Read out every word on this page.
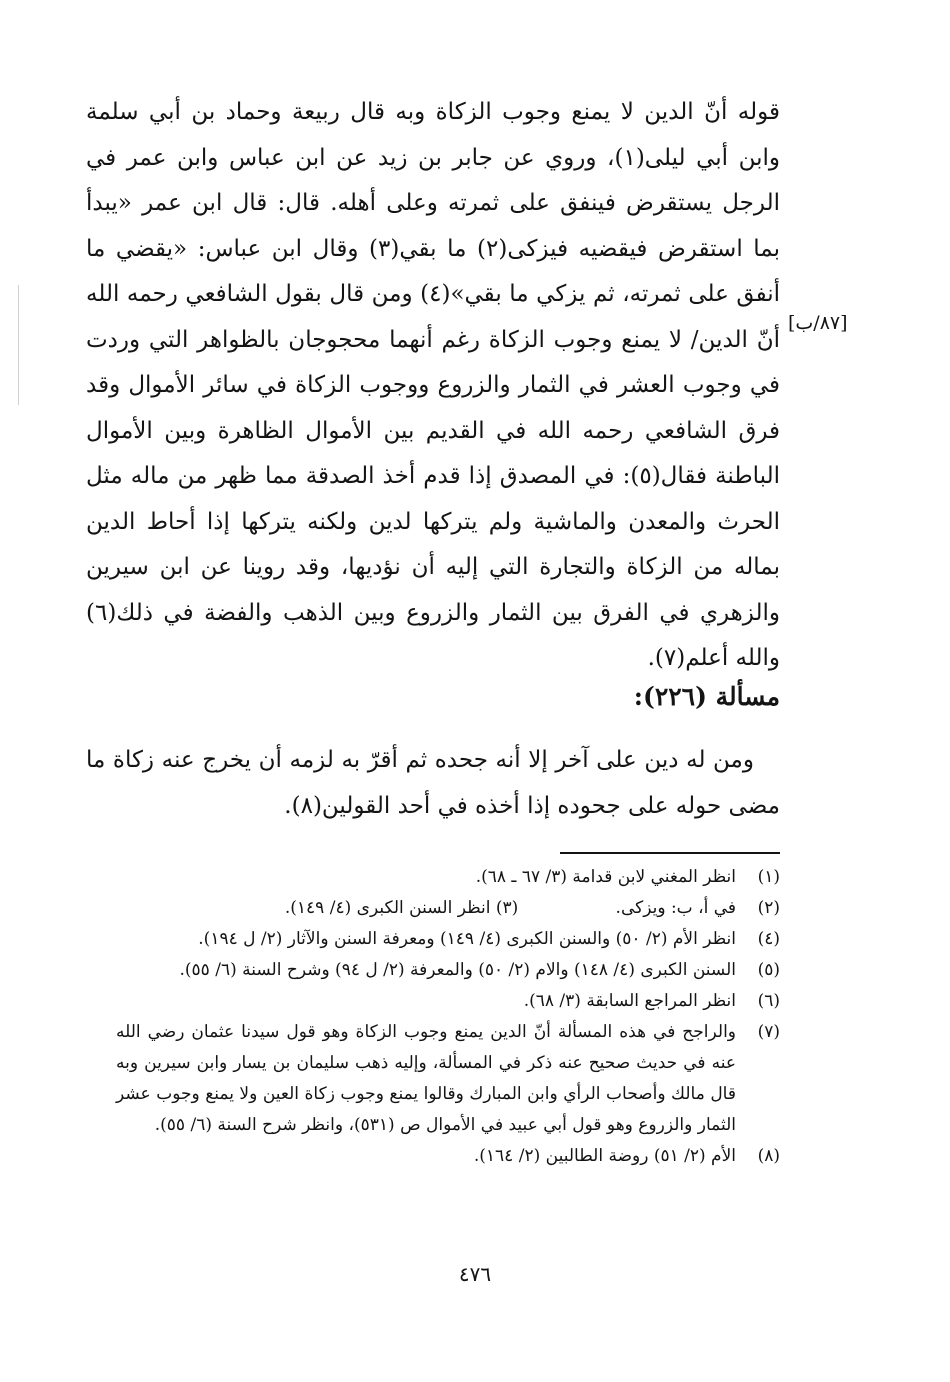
قوله أنّ الدين لا يمنع وجوب الزكاة وبه قال ربيعة وحماد بن أبي سلمة وابن أبي ليلى(١)، وروي عن جابر بن زيد عن ابن عباس وابن عمر في الرجل يستقرض فينفق على ثمرته وعلى أهله. قال: قال ابن عمر «يبدأ بما استقرض فيقضيه فيزكى(٢) ما بقي(٣) وقال ابن عباس: «يقضي ما أنفق على ثمرته، ثم يزكي ما بقي»(٤) ومن قال بقول الشافعي رحمه الله أنّ الدين/ لا يمنع وجوب الزكاة رغم أنهما محجوجان بالظواهر التي وردت في وجوب العشر في الثمار والزروع ووجوب الزكاة في سائر الأموال وقد فرق الشافعي رحمه الله في القديم بين الأموال الظاهرة وبين الأموال الباطنة فقال(٥): في المصدق إذا قدم أخذ الصدقة مما ظهر من ماله مثل الحرث والمعدن والماشية ولم يتركها لدين ولكنه يتركها إذا أحاط الدين بماله من الزكاة والتجارة التي إليه أن نؤديها، وقد روينا عن ابن سيرين والزهري في الفرق بين الثمار والزروع وبين الذهب والفضة في ذلك(٦) والله أعلم(٧).

[٨٧/ب]
مسألة (٢٢٦):

ومن له دين على آخر إلا أنه جحده ثم أقرّ به لزمه أن يخرج عنه زكاة ما مضى حوله على جحوده إذا أخذه في أحد القولين(٨).

(١)
انظر المغني لابن قدامة (٣/ ٦٧ ـ ٦٨).
(٢)
في أ، ب: ويزكى.                  (٣) انظر السنن الكبرى (٤/ ١٤٩).
(٤)
انظر الأم (٢/ ٥٠) والسنن الكبرى (٤/ ١٤٩) ومعرفة السنن والآثار (٢/ ل ١٩٤).
(٥)
السنن الكبرى (٤/ ١٤٨) والام (٢/ ٥٠) والمعرفة (٢/ ل ٩٤) وشرح السنة (٦/ ٥٥).
(٦)
انظر المراجع السابقة (٣/ ٦٨).
(٧)
والراجح في هذه المسألة أنّ الدين يمنع وجوب الزكاة وهو قول سيدنا عثمان رضي الله عنه في حديث صحيح عنه ذكر في المسألة، وإليه ذهب سليمان بن يسار وابن سيرين وبه قال مالك وأصحاب الرأي وابن المبارك وقالوا يمنع وجوب زكاة العين ولا يمنع وجوب عشر الثمار والزروع وهو قول أبي عبيد في الأموال ص (٥٣١)، وانظر شرح السنة (٦/ ٥٥).
(٨)
الأم (٢/ ٥١) روضة الطالبين (٢/ ١٦٤).
٤٧٦
